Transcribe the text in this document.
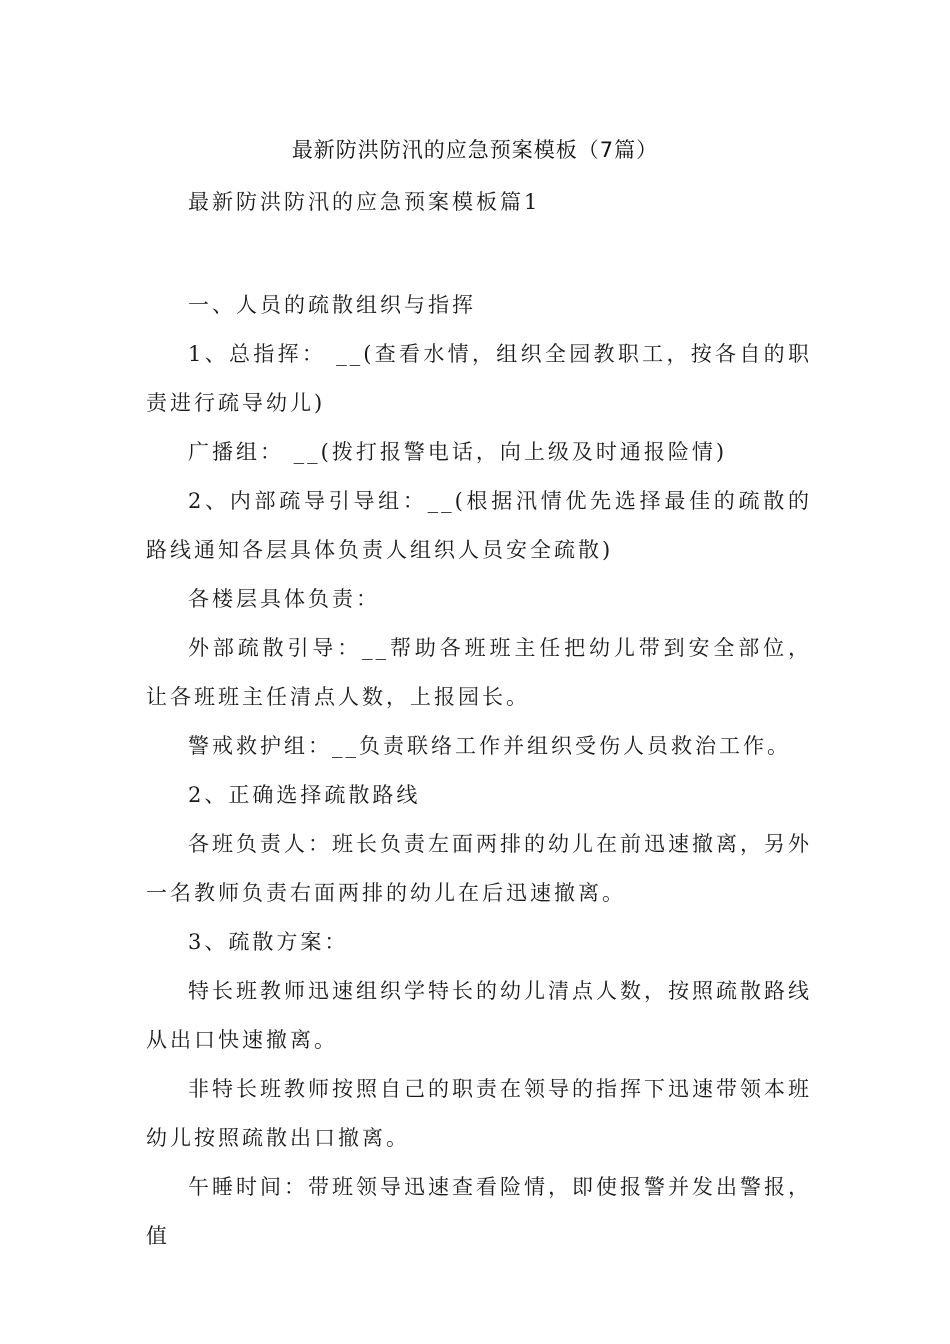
最新防洪防汛的应急预案模板（7篇）

最新防洪防汛的应急预案模板篇1

一、人员的疏散组织与指挥

1、总指挥： __(查看水情，组织全园教职工，按各自的职责进行疏导幼儿)

广播组： __(拨打报警电话，向上级及时通报险情)

2、内部疏导引导组：__(根据汛情优先选择最佳的疏散的路线通知各层具体负责人组织人员安全疏散)

各楼层具体负责：

外部疏散引导：__帮助各班班主任把幼儿带到安全部位，让各班班主任清点人数，上报园长。

警戒救护组：__负责联络工作并组织受伤人员救治工作。

2、正确选择疏散路线

各班负责人：班长负责左面两排的幼儿在前迅速撤离，另外一名教师负责右面两排的幼儿在后迅速撤离。

3、疏散方案：

特长班教师迅速组织学特长的幼儿清点人数，按照疏散路线从出口快速撤离。

非特长班教师按照自己的职责在领导的指挥下迅速带领本班幼儿按照疏散出口撤离。

午睡时间：带班领导迅速查看险情，即使报警并发出警报，值
